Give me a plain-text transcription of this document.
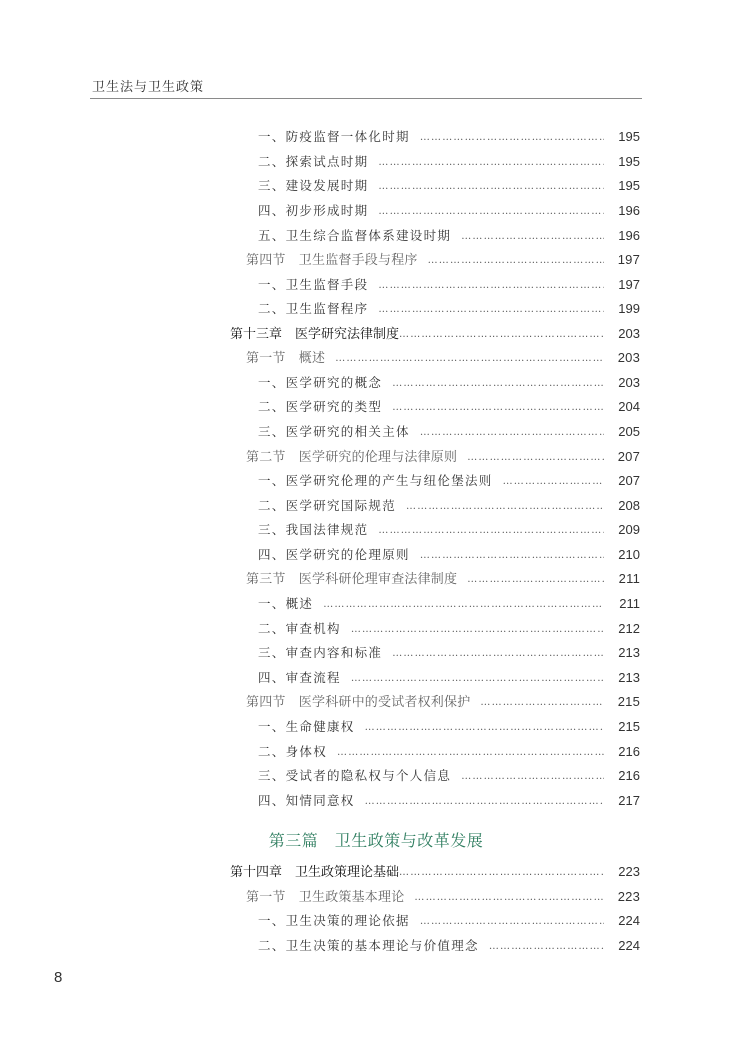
卫生法与卫生政策
一、防疫监督一体化时期 ……………………………………………………………………………………………………………………………………………………………	195
二、探索试点时期 ……………………………………………………………………………………………………………………………………………………………	195
三、建设发展时期 ……………………………………………………………………………………………………………………………………………………………	195
四、初步形成时期 ……………………………………………………………………………………………………………………………………………………………	196
五、卫生综合监督体系建设时期 ……………………………………………………………………………………………………………………………………………………………	196
第四节　卫生监督手段与程序 ……………………………………………………………………………………………………………………………………………………………	197
一、卫生监督手段 ……………………………………………………………………………………………………………………………………………………………	197
二、卫生监督程序 ……………………………………………………………………………………………………………………………………………………………	199
第十三章　医学研究法律制度 ……………………………………………………………………………………………………………………………………………………………	203
第一节　概述 ……………………………………………………………………………………………………………………………………………………………	203
一、医学研究的概念 ……………………………………………………………………………………………………………………………………………………………	203
二、医学研究的类型 ……………………………………………………………………………………………………………………………………………………………	204
三、医学研究的相关主体 ……………………………………………………………………………………………………………………………………………………………	205
第二节　医学研究的伦理与法律原则 ……………………………………………………………………………………………………………………………………………………………	207
一、医学研究伦理的产生与纽伦堡法则 ……………………………………………………………………………………………………………………………………………………………	207
二、医学研究国际规范 ……………………………………………………………………………………………………………………………………………………………	208
三、我国法律规范 ……………………………………………………………………………………………………………………………………………………………	209
四、医学研究的伦理原则 ……………………………………………………………………………………………………………………………………………………………	210
第三节　医学科研伦理审查法律制度 ……………………………………………………………………………………………………………………………………………………………	211
一、概述 ……………………………………………………………………………………………………………………………………………………………	211
二、审查机构 ……………………………………………………………………………………………………………………………………………………………	212
三、审查内容和标准 ……………………………………………………………………………………………………………………………………………………………	213
四、审查流程 ……………………………………………………………………………………………………………………………………………………………	213
第四节　医学科研中的受试者权利保护 ……………………………………………………………………………………………………………………………………………………………	215
一、生命健康权 ……………………………………………………………………………………………………………………………………………………………	215
二、身体权 ……………………………………………………………………………………………………………………………………………………………	216
三、受试者的隐私权与个人信息 ……………………………………………………………………………………………………………………………………………………………	216
四、知情同意权 ……………………………………………………………………………………………………………………………………………………………	217
第三篇　卫生政策与改革发展
第十四章　卫生政策理论基础 ……………………………………………………………………………………………………………………………………………………………	223
第一节　卫生政策基本理论 ……………………………………………………………………………………………………………………………………………………………	223
一、卫生决策的理论依据 ……………………………………………………………………………………………………………………………………………………………	224
二、卫生决策的基本理论与价值理念 ……………………………………………………………………………………………………………………………………………………………	224
8
